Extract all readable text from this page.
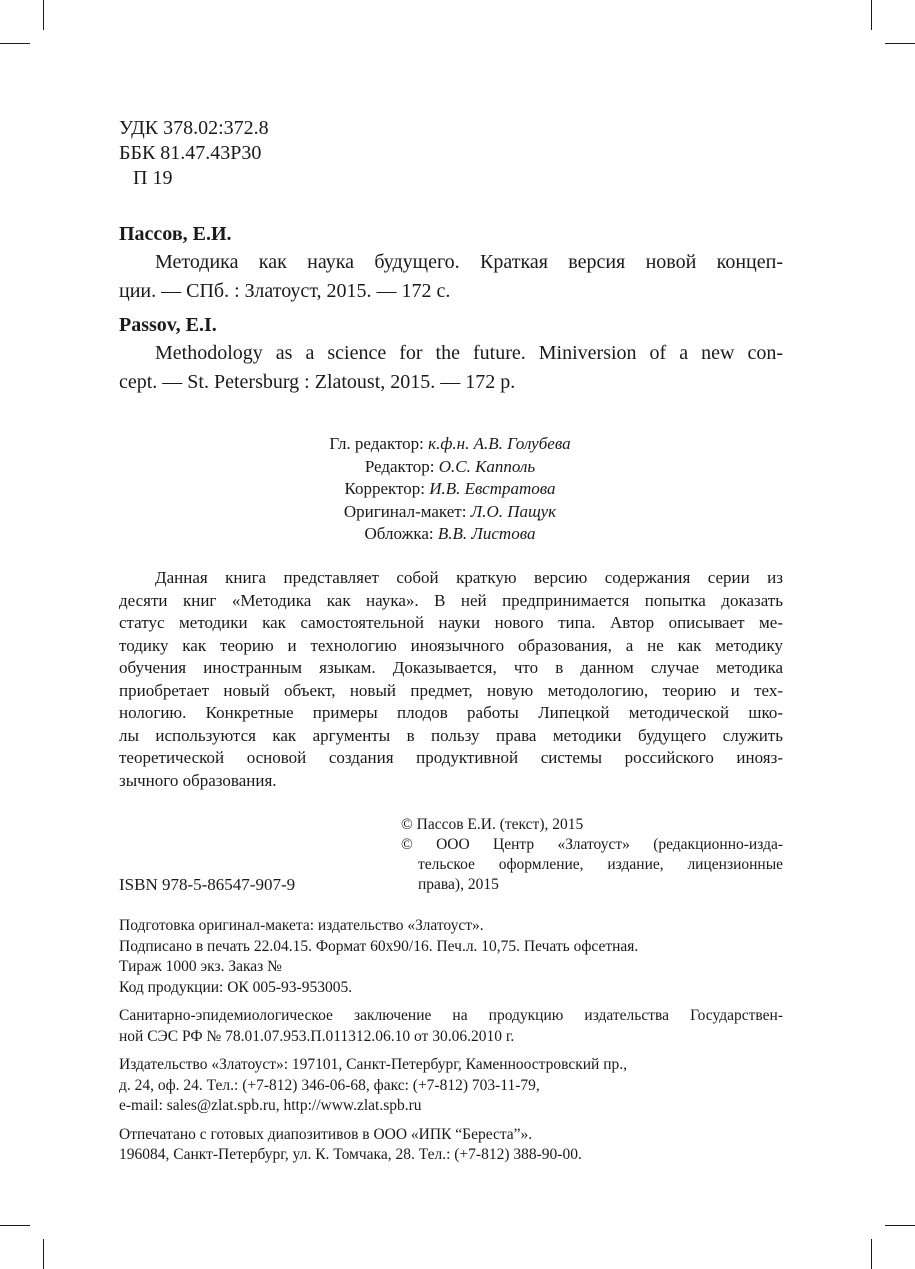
УДК 378.02:372.8
ББК 81.47.43Р30
П 19
Пассов, Е.И.
Методика как наука будущего. Краткая версия новой концеп-
ции. — СПб. : Златоуст, 2015. — 172 с.
Passov, E.I.
Methodology as a science for the future. Miniversion of a new con-
cept. — St. Petersburg : Zlatoust, 2015. — 172 p.
Гл. редактор: к.ф.н. А.В. Голубева
Редактор: О.С. Капполь
Корректор: И.В. Евстратова
Оригинал-макет: Л.О. Пащук
Обложка: В.В. Листова
Данная книга представляет собой краткую версию содержания серии из
десяти книг «Методика как наука». В ней предпринимается попытка доказать
статус методики как самостоятельной науки нового типа. Автор описывает ме-
тодику как теорию и технологию иноязычного образования, а не как методику
обучения иностранным языкам. Доказывается, что в данном случае методика
приобретает новый объект, новый предмет, новую методологию, теорию и тех-
нологию. Конкретные примеры плодов работы Липецкой методической шко-
лы используются как аргументы в пользу права методики будущего служить
теоретической основой создания продуктивной системы российского инояз-
зычного образования.
© Пассов Е.И. (текст), 2015
© ООО Центр «Златоуст» (редакционно-изда-
тельское оформление, издание, лицензионные
права), 2015
ISBN 978-5-86547-907-9
Подготовка оригинал-макета: издательство «Златоуст».
Подписано в печать 22.04.15. Формат 60х90/16. Печ.л. 10,75. Печать офсетная.
Тираж 1000 экз. Заказ №
Код продукции: ОК 005-93-953005.
Санитарно-эпидемиологическое заключение на продукцию издательства Государствен-
ной СЭС РФ № 78.01.07.953.П.011312.06.10 от 30.06.2010 г.
Издательство «Златоуст»: 197101, Санкт-Петербург, Каменноостровский пр.,
д. 24, оф. 24. Тел.: (+7-812) 346-06-68, факс: (+7-812) 703-11-79,
e-mail: sales@zlat.spb.ru, http://www.zlat.spb.ru
Отпечатано с готовых диапозитивов в ООО «ИПК “Береста”».
196084, Санкт-Петербург, ул. К. Томчака, 28. Тел.: (+7-812) 388-90-00.
